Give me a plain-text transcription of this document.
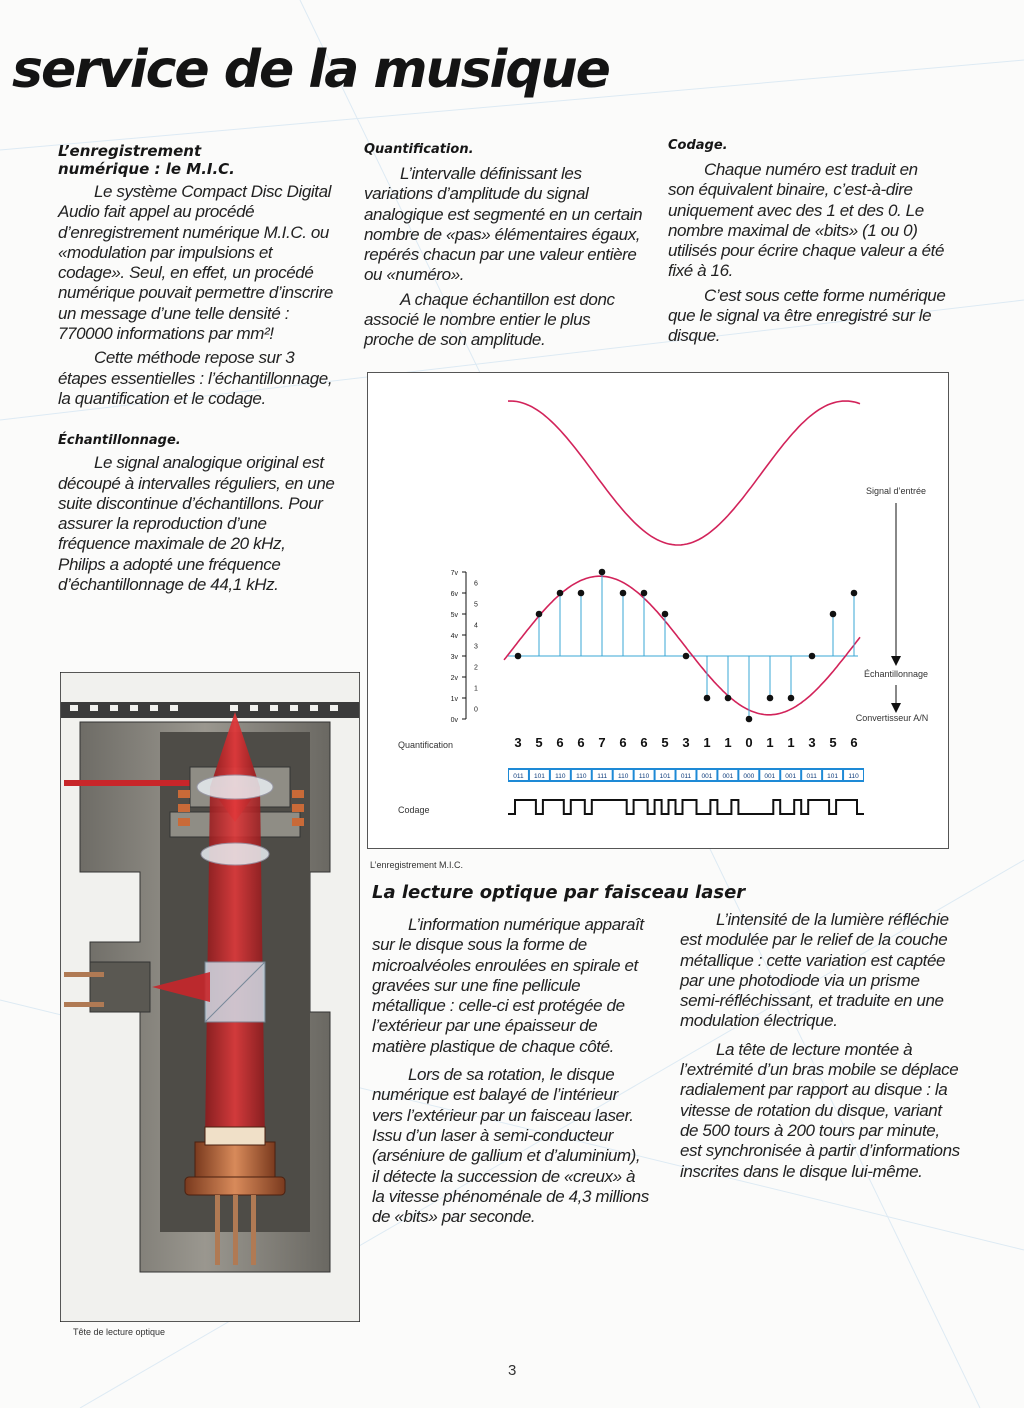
service de la musique
L’enregistrement numérique : le M.I.C.

Le système Compact Disc Digital Audio fait appel au procédé d’enregistrement numérique M.I.C. ou «modulation par impulsions et codage». Seul, en effet, un procédé numérique pouvait permettre d’inscrire un message d’une telle densité : 770000 informations par mm²!

Cette méthode repose sur 3 étapes essentielles : l’échantillonnage, la quantification et le codage.

Échantillonnage.

Le signal analogique original est découpé à intervalles réguliers, en une suite discontinue d’échantillons. Pour assurer la reproduction d’une fréquence maximale de 20 kHz, Philips a adopté une fréquence d’échantillonnage de 44,1 kHz.

Quantification.

L’intervalle définissant les variations d’amplitude du signal analogique est segmenté en un certain nombre de «pas» élémentaires égaux, repérés chacun par une valeur entière ou «numéro».

A chaque échantillon est donc associé le nombre entier le plus proche de son amplitude.

Codage.

Chaque numéro est traduit en son équivalent binaire, c’est-à-dire uniquement avec des 1 et des 0. Le nombre maximal de «bits» (1 ou 0) utilisés pour écrire chaque valeur a été fixé à 16.

C’est sous cette forme numérique que le signal va être enregistré sur le disque.

7v
6v
5v
4v
3v
2v
1v
0v
6
5
4
3
2
1
0
011 101 110 110 111 110 110 101 011 001 001 000 001 001 011 101 110
Signal d’entrée
Échantillonnage
Convertisseur A/N
Quantification
Codage
3 5 6 6 7 6 6 5 3 1 1 0 1 1 3 5 6
L’enregistrement M.I.C.
Tête de lecture optique
La lecture optique par faisceau laser

L’information numérique apparaît sur le disque sous la forme de microalvéoles enroulées en spirale et gravées sur une fine pellicule métallique : celle-ci est protégée de l’extérieur par une épaisseur de matière plastique de chaque côté.

Lors de sa rotation, le disque numérique est balayé de l’intérieur vers l’extérieur par un faisceau laser. Issu d’un laser à semi-conducteur (arséniure de gallium et d’aluminium), il détecte la succession de «creux» à la vitesse phénoménale de 4,3 millions de «bits» par seconde.

L’intensité de la lumière réfléchie est modulée par le relief de la couche métallique : cette variation est captée par une photodiode via un prisme semi-réfléchissant, et traduite en une modulation électrique.

La tête de lecture montée à l’extrémité d’un bras mobile se déplace radialement par rapport au disque : la vitesse de rotation du disque, variant de 500 tours à 200 tours par minute, est synchronisée à partir d’informations inscrites dans le disque lui-même.

3
